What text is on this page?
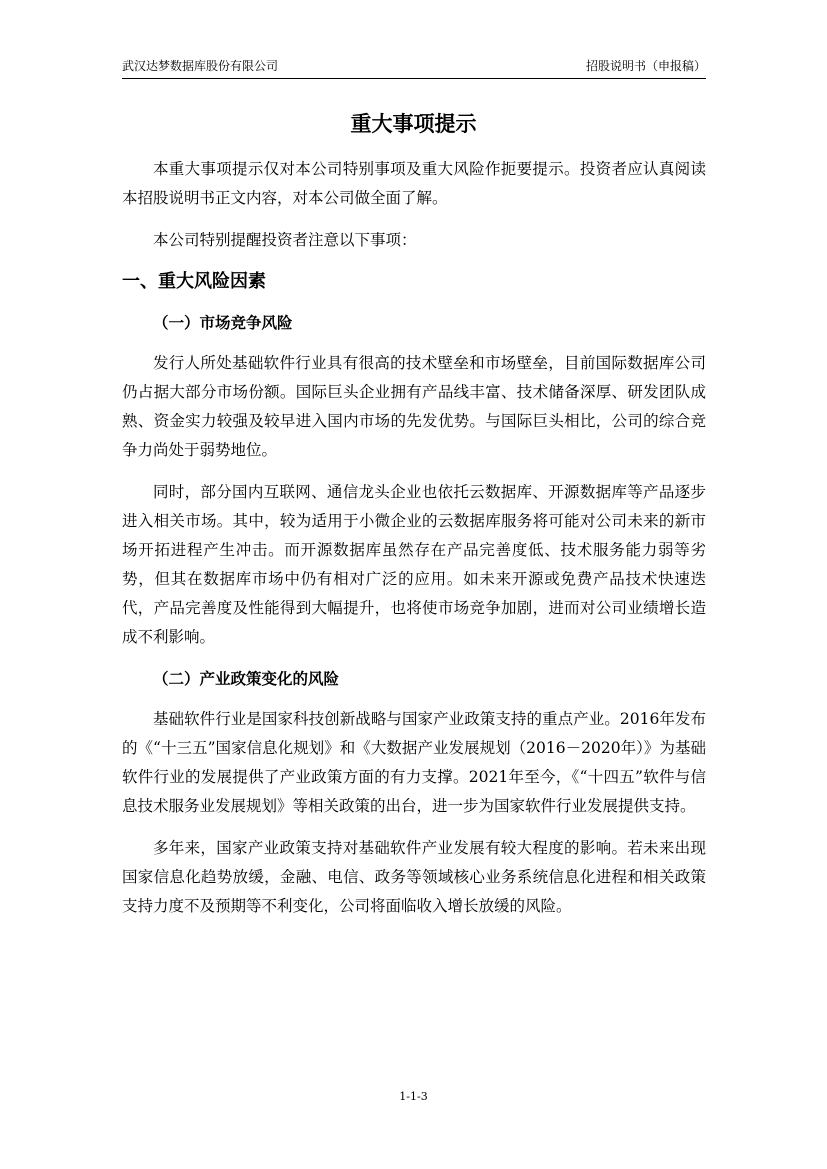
武汉达梦数据库股份有限公司	招股说明书（申报稿）
重大事项提示

本重大事项提示仅对本公司特别事项及重大风险作扼要提示。投资者应认真阅读本招股说明书正文内容，对本公司做全面了解。

本公司特别提醒投资者注意以下事项：

一、重大风险因素
（一）市场竞争风险

发行人所处基础软件行业具有很高的技术壁垒和市场壁垒，目前国际数据库公司仍占据大部分市场份额。国际巨头企业拥有产品线丰富、技术储备深厚、研发团队成熟、资金实力较强及较早进入国内市场的先发优势。与国际巨头相比，公司的综合竞争力尚处于弱势地位。

同时，部分国内互联网、通信龙头企业也依托云数据库、开源数据库等产品逐步进入相关市场。其中，较为适用于小微企业的云数据库服务将可能对公司未来的新市场开拓进程产生冲击。而开源数据库虽然存在产品完善度低、技术服务能力弱等劣势，但其在数据库市场中仍有相对广泛的应用。如未来开源或免费产品技术快速迭代，产品完善度及性能得到大幅提升，也将使市场竞争加剧，进而对公司业绩增长造成不利影响。

（二）产业政策变化的风险

基础软件行业是国家科技创新战略与国家产业政策支持的重点产业。2016年发布的《“十三五”国家信息化规划》和《大数据产业发展规划（2016－2020年）》为基础软件行业的发展提供了产业政策方面的有力支撑。2021年至今，《“十四五”软件与信息技术服务业发展规划》等相关政策的出台，进一步为国家软件行业发展提供支持。

多年来，国家产业政策支持对基础软件产业发展有较大程度的影响。若未来出现国家信息化趋势放缓，金融、电信、政务等领域核心业务系统信息化进程和相关政策支持力度不及预期等不利变化，公司将面临收入增长放缓的风险。

1-1-3
